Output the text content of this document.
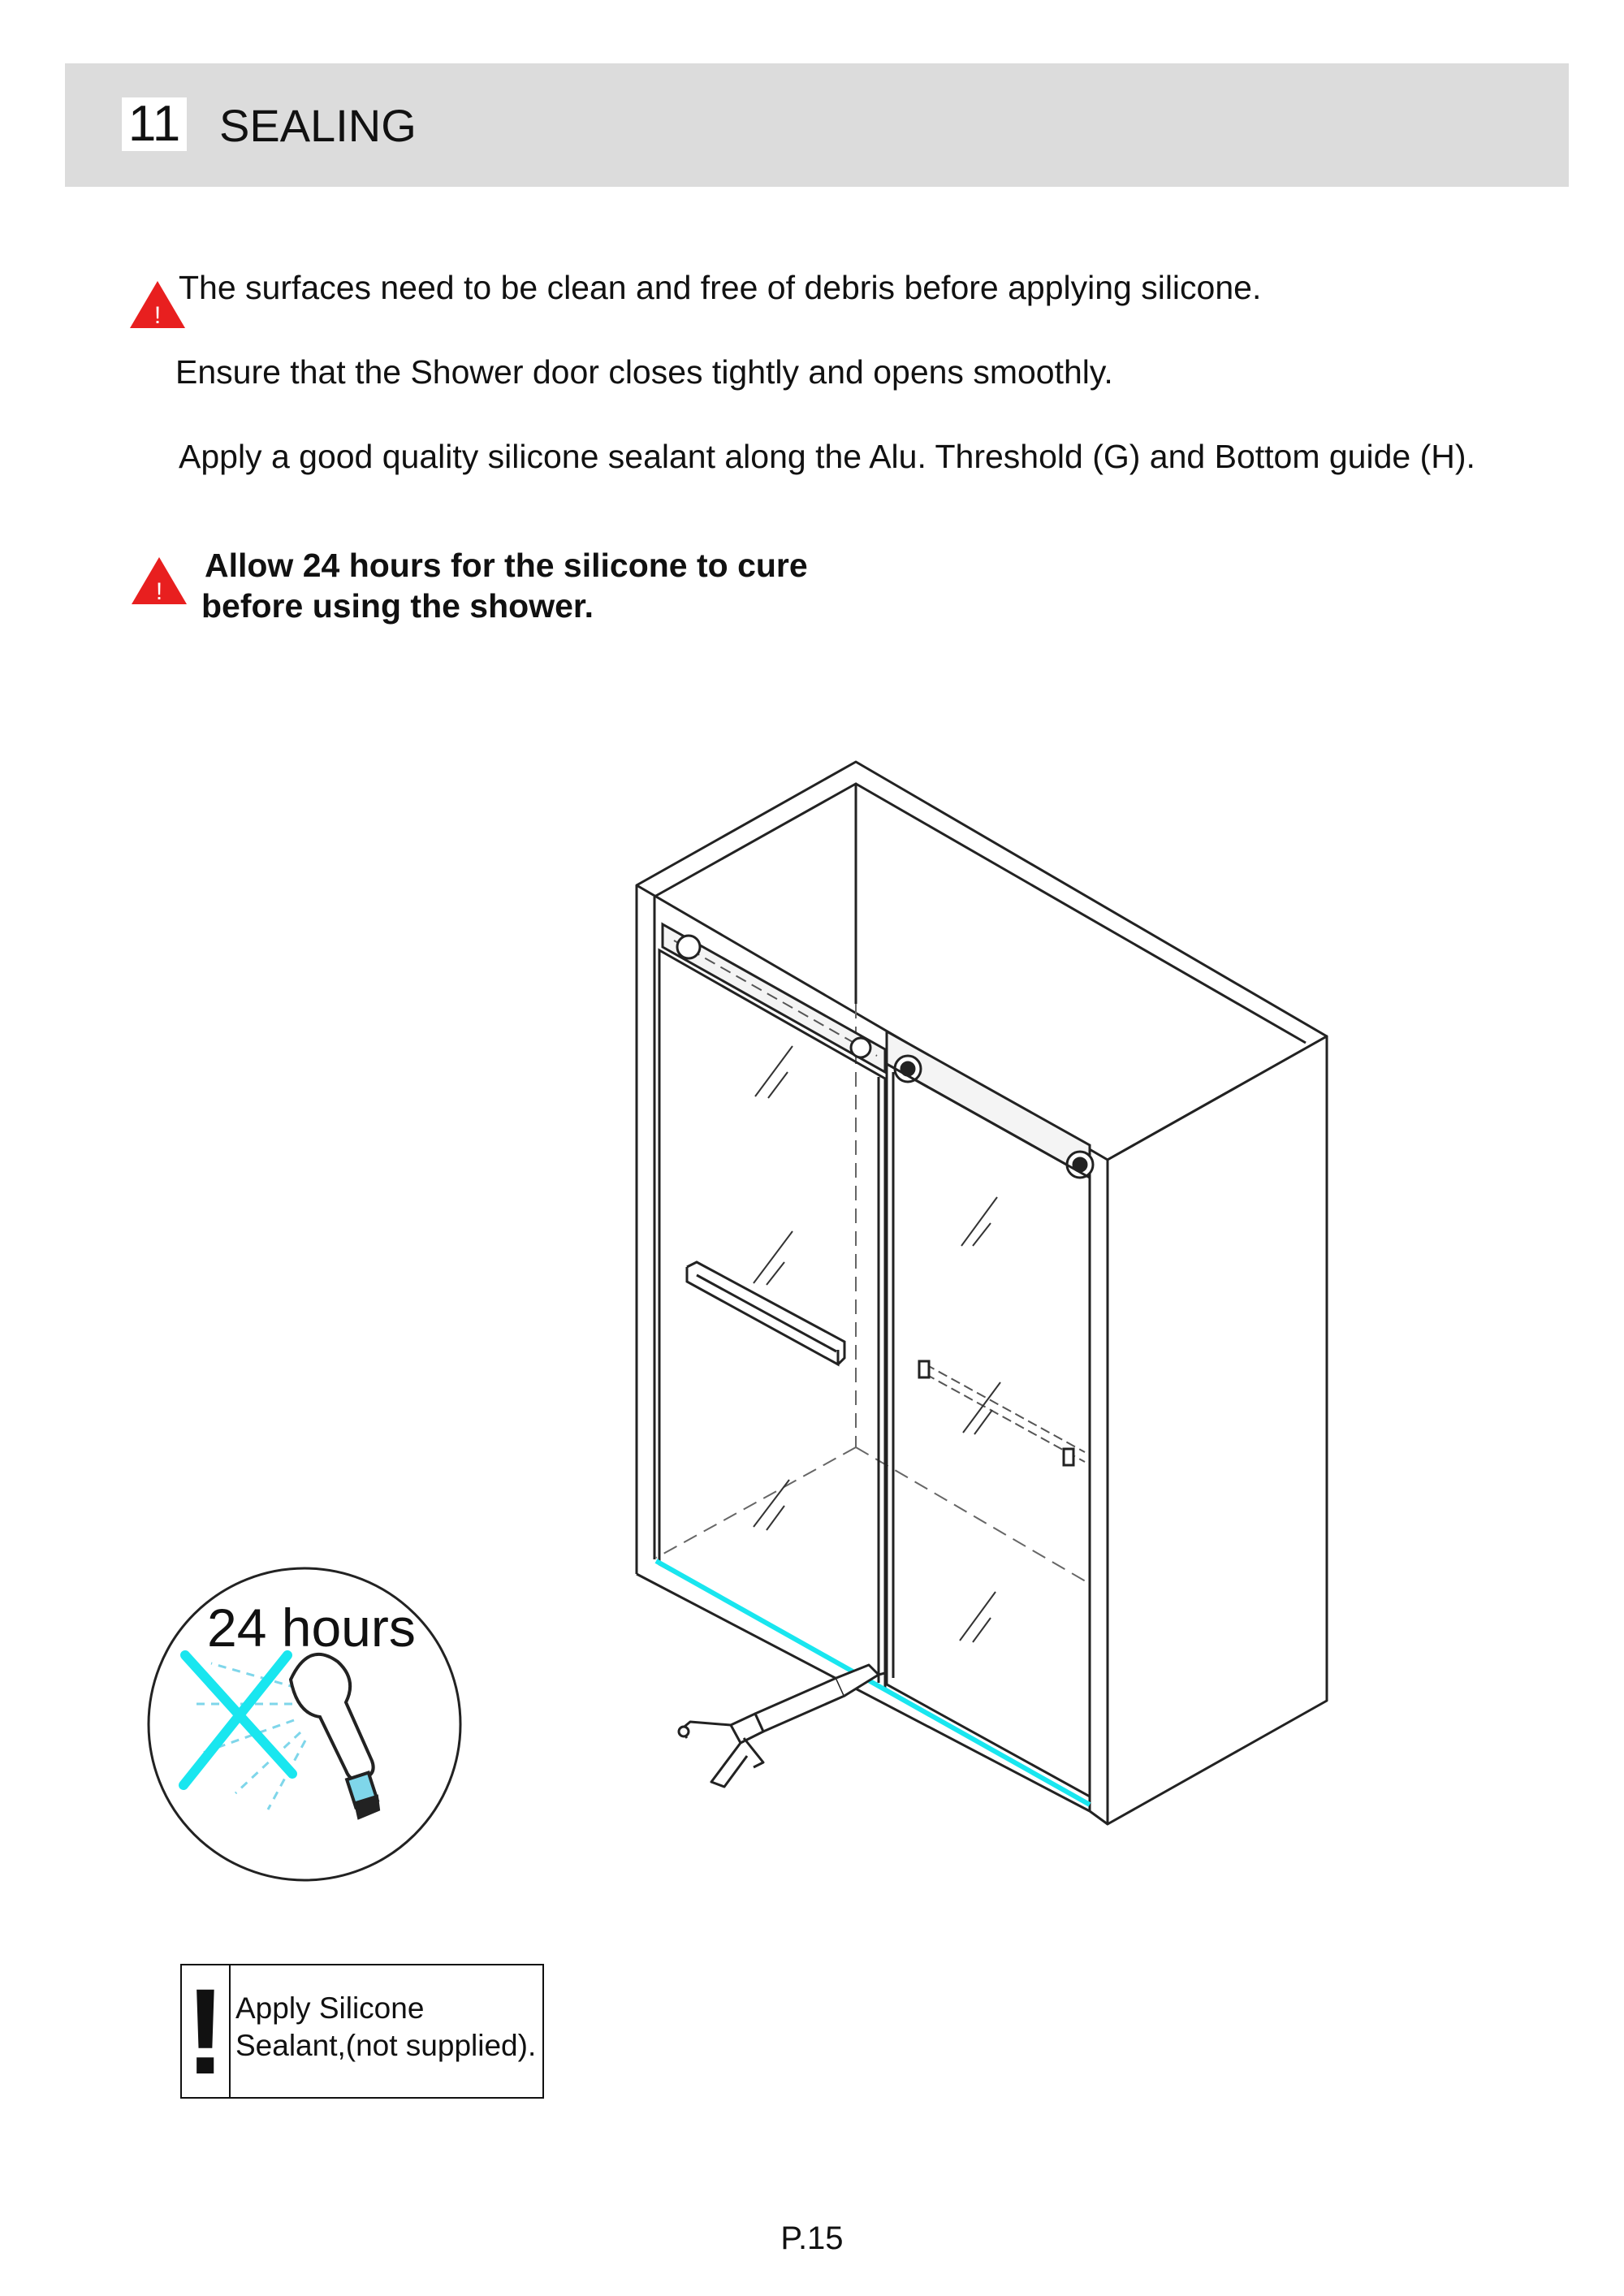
11 SEALING
!
The surfaces need to be clean and free of debris before applying silicone.
Ensure that the Shower door closes tightly and opens smoothly.
Apply a good quality silicone sealant along the Alu. Threshold (G) and Bottom guide (H).
!
Allow 24 hours for the silicone to cure
before using the shower.
24 hours
! Apply Silicone
Sealant,(not supplied).
P.15
